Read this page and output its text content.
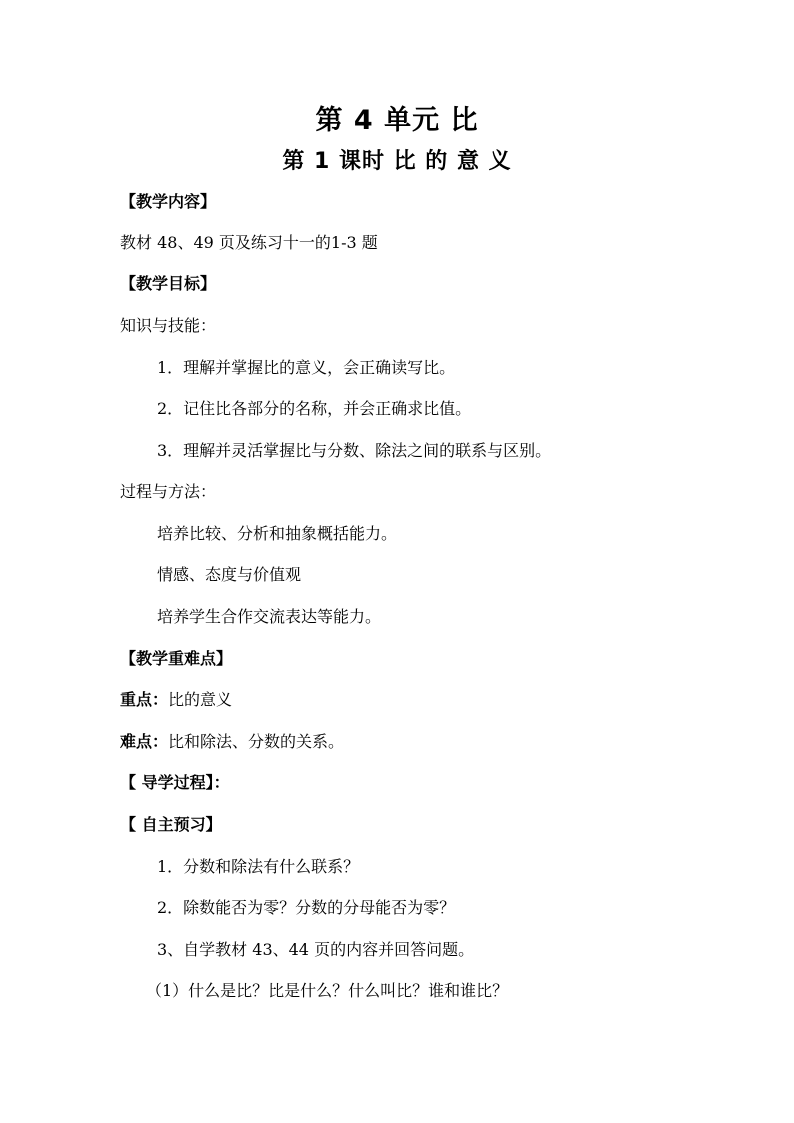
第 4 单元 比
第 1 课时 比 的 意 义
【教学内容】
教材 48、49 页及练习十一的1-3 题
【教学目标】
知识与技能：
1．理解并掌握比的意义，会正确读写比。
2．记住比各部分的名称，并会正确求比值。
3．理解并灵活掌握比与分数、除法之间的联系与区别。
过程与方法：
培养比较、分析和抽象概括能力。
情感、态度与价值观
培养学生合作交流表达等能力。
【教学重难点】
重点：比的意义
难点：比和除法、分数的关系。
【 导学过程】：
【 自主预习】
1．分数和除法有什么联系？
2．除数能否为零？分数的分母能否为零？
3、自学教材 43、44 页的内容并回答问题。
（1）什么是比？比是什么？什么叫比？谁和谁比？
